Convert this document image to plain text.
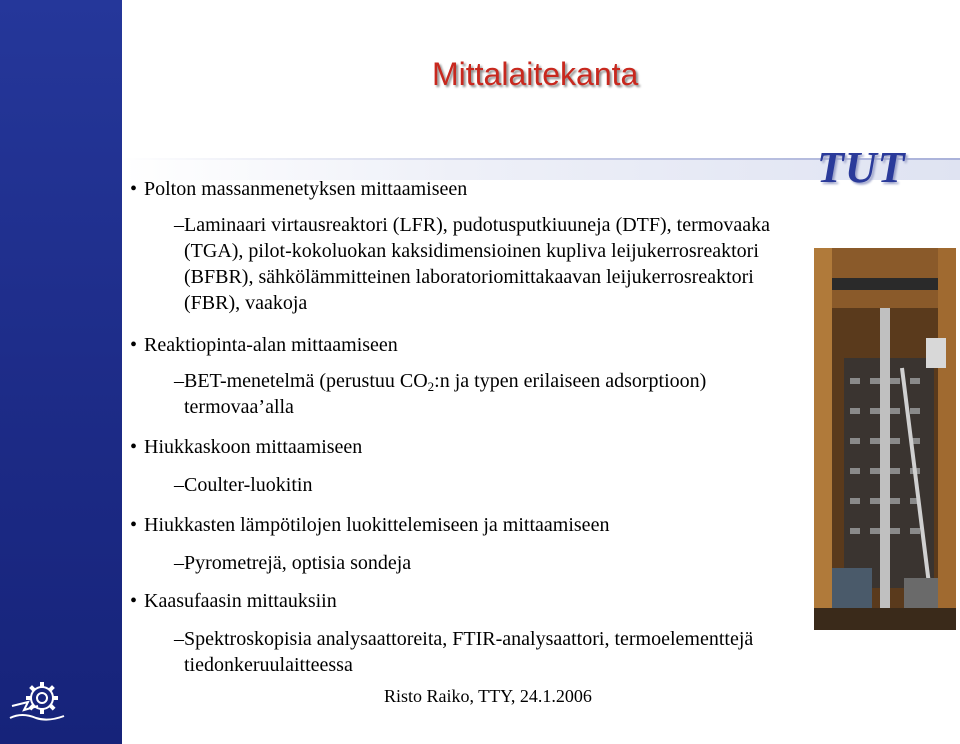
Mittalaitekanta
TUT

• Polton massanmenetyksen mittaamiseen

–Laminaari virtausreaktori (LFR), pudotusputkiuuneja (DTF), termovaaka (TGA), pilot-kokoluokan kaksidimensioinen kupliva leijukerrosreaktori (BFBR), sähkölämmitteinen laboratoriomittakaavan leijukerrosreaktori (FBR), vaakoja

• Reaktiopinta-alan mittaamiseen

–BET-menetelmä (perustuu $CO_2:n$ ja typen erilaiseen adsorptioon) termovaa’alla

• Hiukkaskoon mittaamiseen

–Coulter-luokitin

• Hiukkasten lämpötilojen luokittelemiseen ja mittaamiseen

–Pyrometrejä, optisia sondeja

• Kaasufaasin mittauksiin

–Spektroskopisia analysaattoreita, FTIR-analysaattori, termoelementtejä tiedonkeruulaitteessa

Risto Raiko, TTY, 24.1.2006
